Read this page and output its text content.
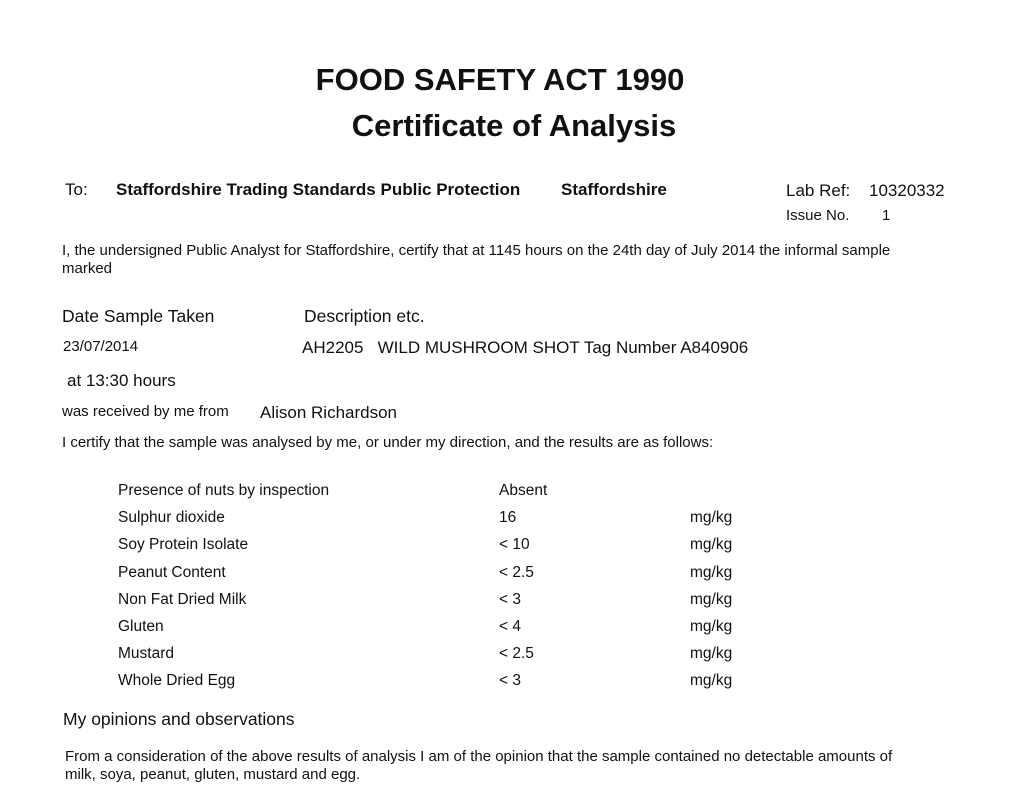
FOOD SAFETY ACT 1990
Certificate of Analysis
To: Staffordshire Trading Standards Public Protection Staffordshire	Lab Ref: 10320332
Issue No. 1
I, the undersigned Public Analyst for Staffordshire, certify that at 1145 hours on the 24th day of July 2014 the informal sample marked
Date Sample Taken	Description etc.
23/07/2014	AH2205   WILD MUSHROOM SHOT Tag Number A840906
at 13:30 hours
was received by me from Alison Richardson
I certify that the sample was analysed by me, or under my direction, and the results are as follows:
Presence of nuts by inspection	Absent
Sulphur dioxide	16	mg/kg
Soy Protein Isolate	< 10	mg/kg
Peanut Content	< 2.5	mg/kg
Non Fat Dried Milk	< 3	mg/kg
Gluten	< 4	mg/kg
Mustard	< 2.5	mg/kg
Whole Dried Egg	< 3	mg/kg
My opinions and observations
From a consideration of the above results of analysis I am of the opinion that the sample contained no detectable amounts of milk, soya, peanut, gluten, mustard and egg.
